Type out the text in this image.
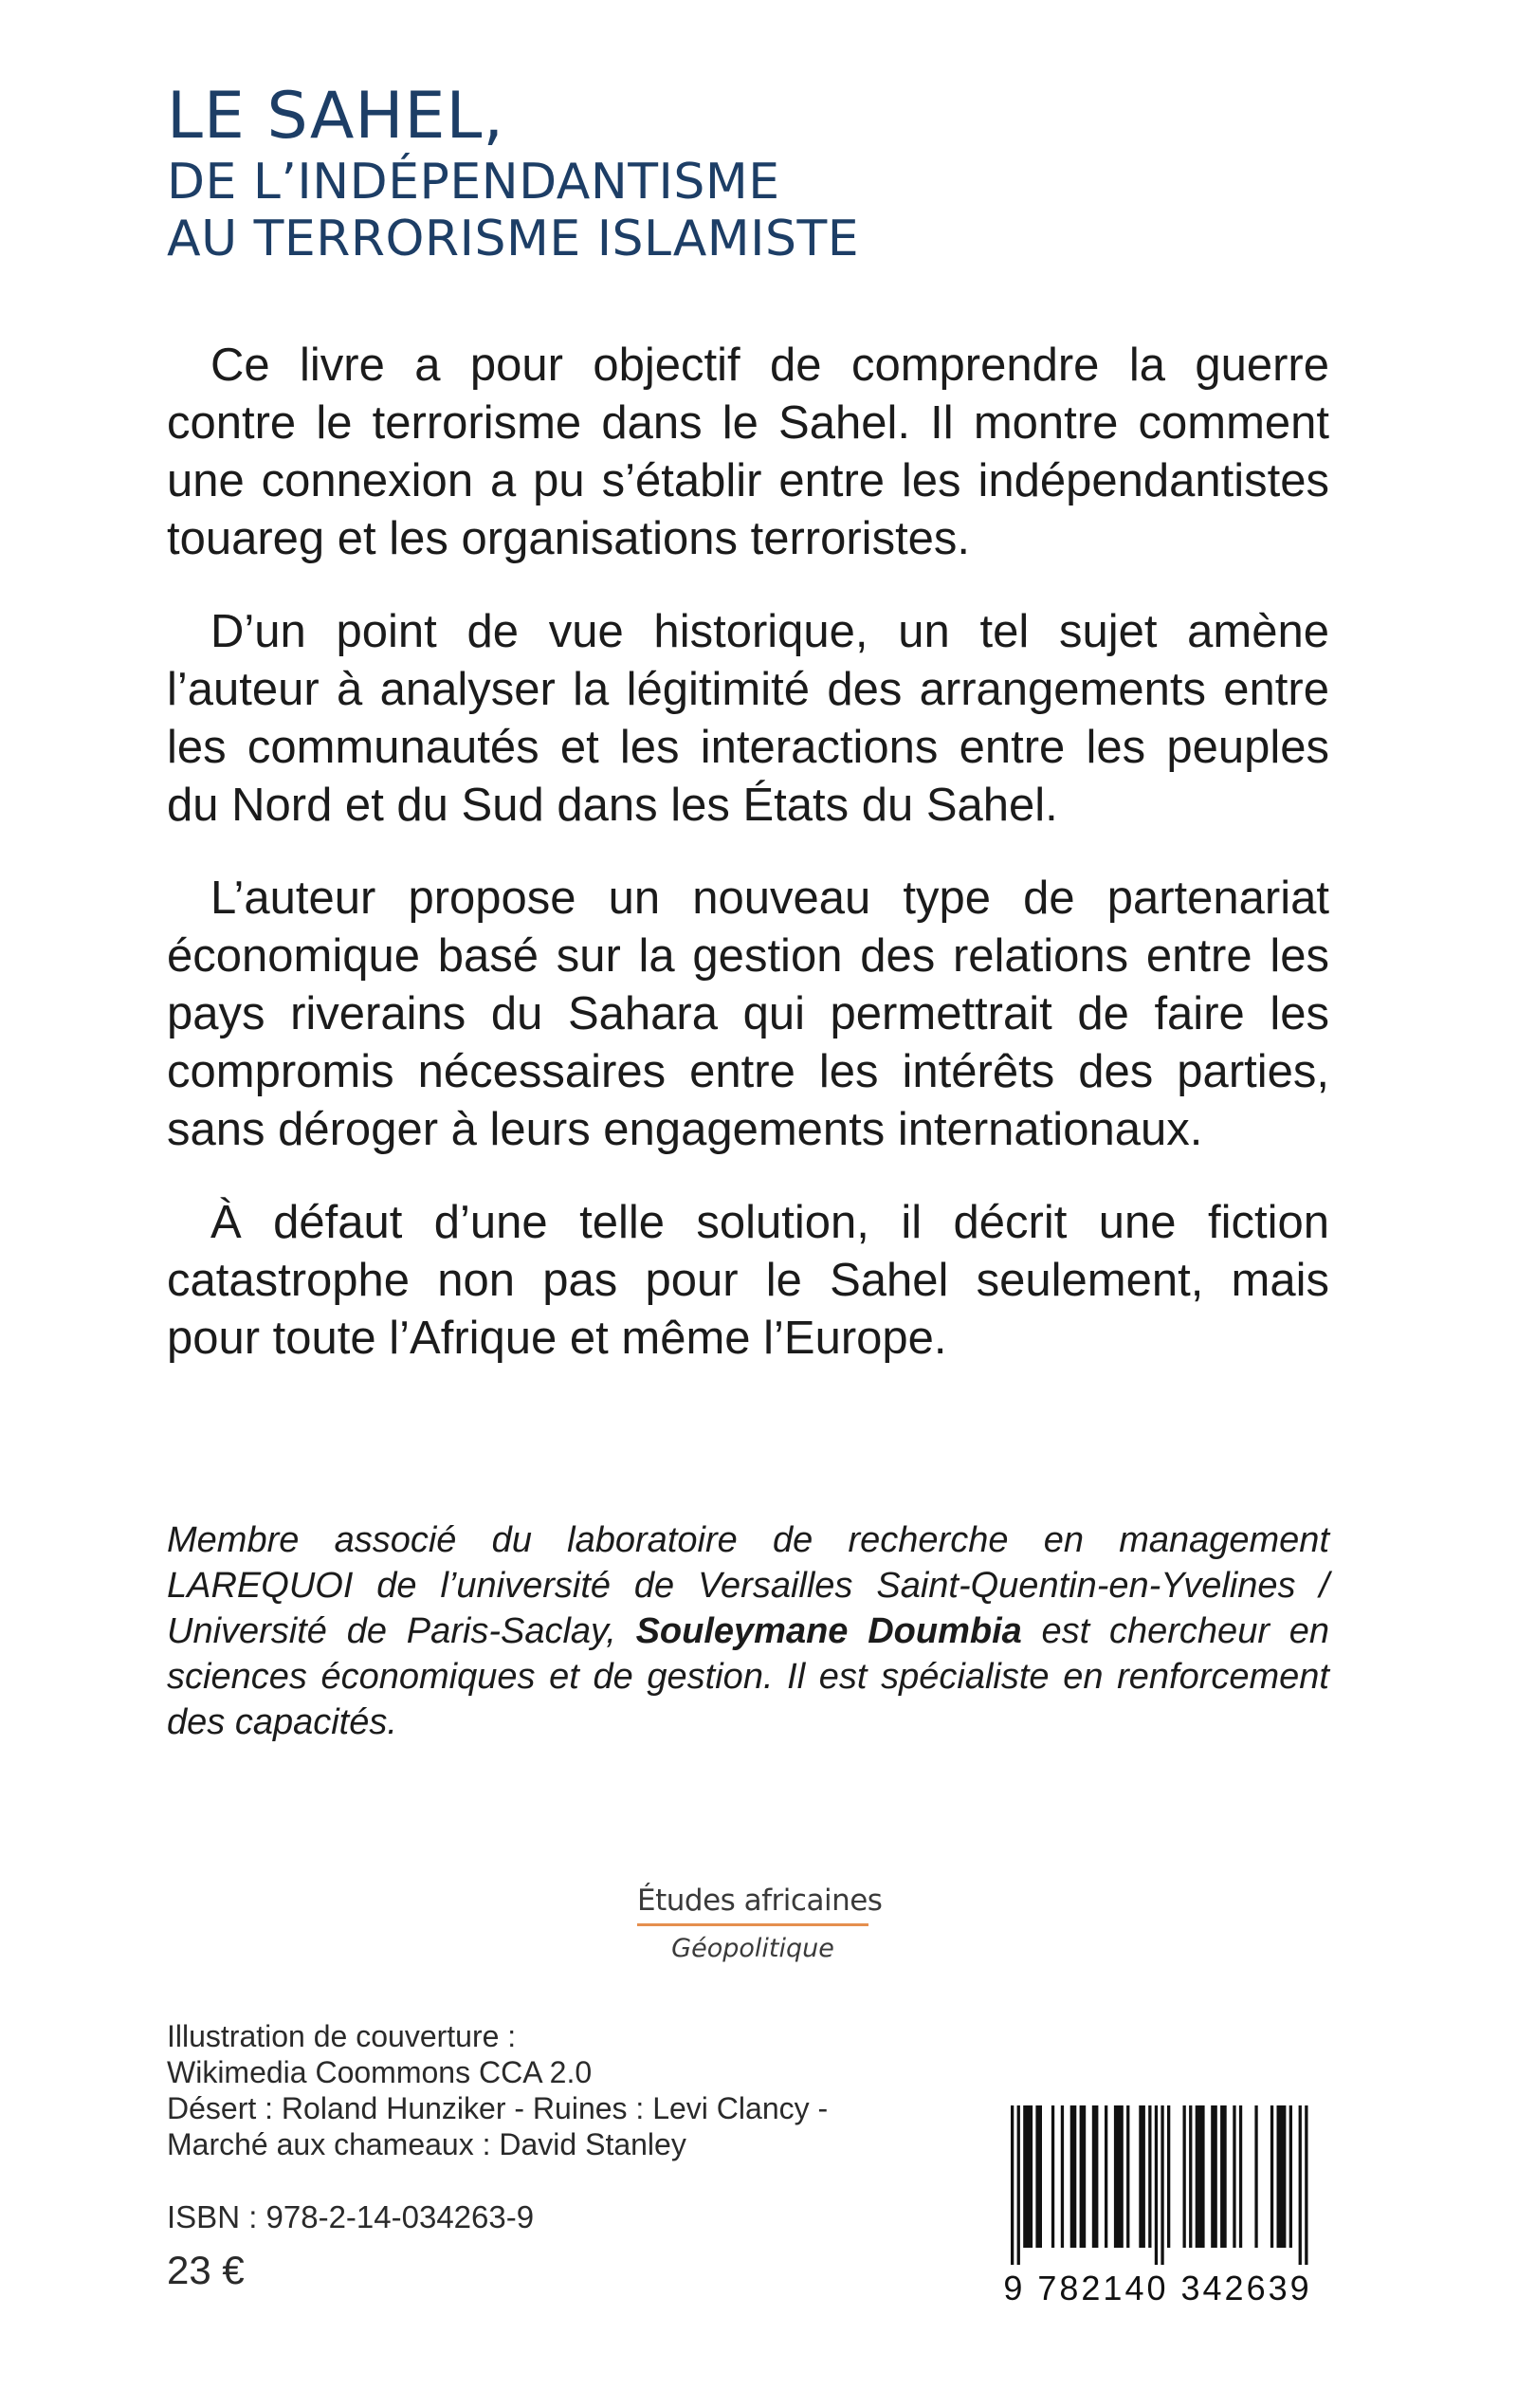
LE SAHEL,
DE L’INDÉPENDANTISME
AU TERRORISME ISLAMISTE

Ce livre a pour objectif de comprendre la guerre contre le terrorisme dans le Sahel. Il montre comment une connexion a pu s’établir entre les indépendantistes touareg et les organisations terroristes.

D’un point de vue historique, un tel sujet amène l’auteur à analyser la légitimité des arrangements entre les communautés et les interactions entre les peuples du Nord et du Sud dans les États du Sahel.

L’auteur propose un nouveau type de partenariat économique basé sur la gestion des relations entre les pays riverains du Sahara qui permettrait de faire les compromis nécessaires entre les intérêts des parties, sans déroger à leurs engagements internationaux.

À défaut d’une telle solution, il décrit une fiction catastrophe non pas pour le Sahel seulement, mais pour toute l’Afrique et même l’Europe.

Membre associé du laboratoire de recherche en management LAREQUOI de l’université de Versailles Saint-Quentin-en-Yvelines / Université de Paris-Saclay, Souleymane Doumbia est chercheur en sciences économiques et de gestion. Il est spécialiste en renforcement des capacités.
Études africaines
Géopolitique
Illustration de couverture :
Wikimedia Coommons CCA 2.0
Désert : Roland Hunziker - Ruines : Levi Clancy -
Marché aux chameaux : David Stanley
ISBN : 978-2-14-034263-9
23 €	9 782140 342639
